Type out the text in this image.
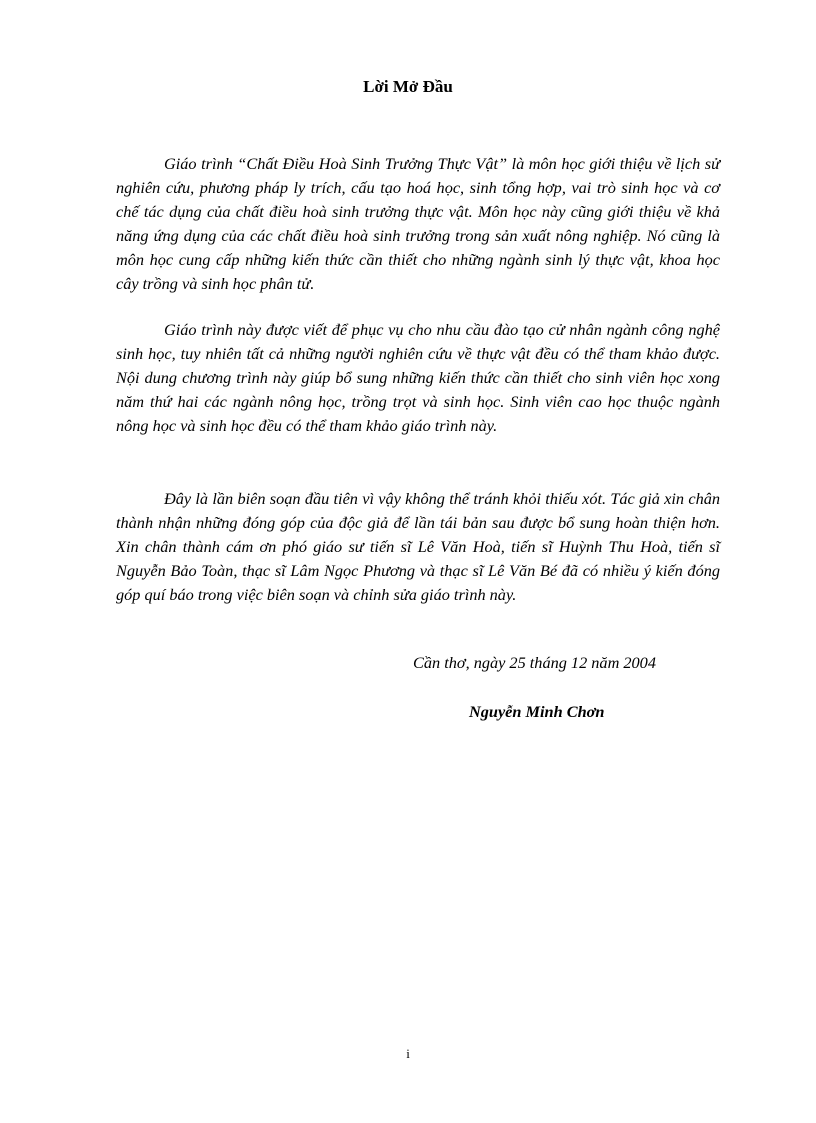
Lời Mở Đầu

Giáo trình “Chất Điều Hoà Sinh Trưởng Thực Vật” là môn học giới thiệu về lịch sử nghiên cứu, phương pháp ly trích, cấu tạo hoá học, sinh tổng hợp, vai trò sinh học và cơ chế tác dụng của chất điều hoà sinh trưởng thực vật. Môn học này cũng giới thiệu về khả năng ứng dụng của các chất điều hoà sinh trưởng trong sản xuất nông nghiệp. Nó cũng là môn học cung cấp những kiến thức cần thiết cho những ngành sinh lý thực vật, khoa học cây trồng và sinh học phân tử.

Giáo trình này được viết để phục vụ cho nhu cầu đào tạo cử nhân ngành công nghệ sinh học, tuy nhiên tất cả những người nghiên cứu về thực vật đều có thể tham khảo được. Nội dung chương trình này giúp bổ sung những kiến thức cần thiết cho sinh viên học xong năm thứ hai các ngành nông học, trồng trọt và sinh học. Sinh viên cao học thuộc ngành nông học và sinh học đều có thể tham khảo giáo trình này.

Đây là lần biên soạn đầu tiên vì vậy không thể tránh khỏi thiếu xót. Tác giả xin chân thành nhận những đóng góp của độc giả để lần tái bản sau được bổ sung hoàn thiện hơn. Xin chân thành cám ơn phó giáo sư tiến sĩ Lê Văn Hoà, tiến sĩ Huỳnh Thu Hoà, tiến sĩ Nguyễn Bảo Toàn, thạc sĩ Lâm Ngọc Phương và thạc sĩ Lê Văn Bé đã có nhiều ý kiến đóng góp quí báo trong việc biên soạn và chỉnh sửa giáo trình này.

Cần thơ, ngày 25 tháng 12 năm 2004
Nguyễn Minh Chơn
i
